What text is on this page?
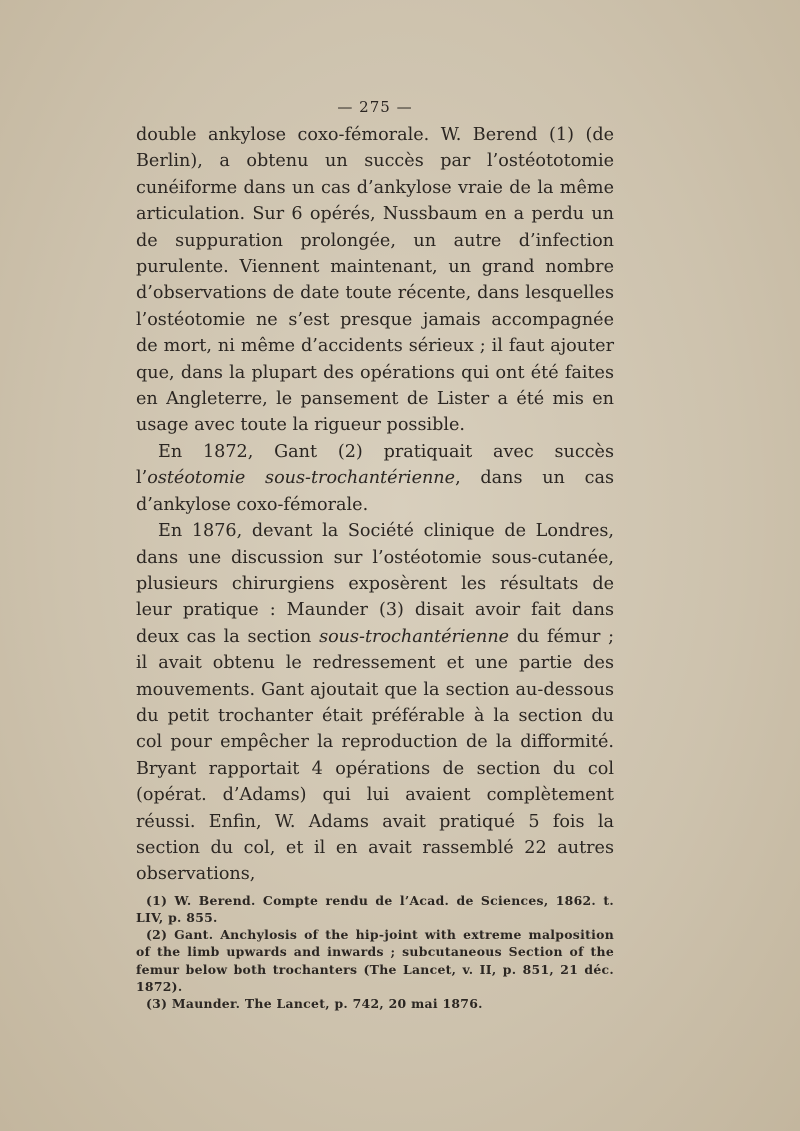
— 275 —

double ankylose coxo-fémorale. W. Berend (1) (de Berlin), a obtenu un succès par l’ostéototomie cunéiforme dans un cas d’ankylose vraie de la même articulation. Sur 6 opérés, Nussbaum en a perdu un de suppuration prolongée, un autre d’infection purulente. Viennent maintenant, un grand nombre d’observations de date toute récente, dans lesquelles l’ostéotomie ne s’est presque jamais accompagnée de mort, ni même d’accidents sérieux ; il faut ajouter que, dans la plupart des opérations qui ont été faites en Angleterre, le pansement de Lister a été mis en usage avec toute la rigueur possible.

En 1872, Gant (2) pratiquait avec succès l’ostéotomie sous-trochantérienne, dans un cas d’ankylose coxo-fémorale.

En 1876, devant la Société clinique de Londres, dans une discussion sur l’ostéotomie sous-cutanée, plusieurs chirurgiens exposèrent les résultats de leur pratique : Maunder (3) disait avoir fait dans deux cas la section sous-trochantérienne du fémur ; il avait obtenu le redressement et une partie des mouvements. Gant ajoutait que la section au-dessous du petit trochanter était préférable à la section du col pour empêcher la reproduction de la difformité. Bryant rapportait 4 opérations de section du col (opérat. d’Adams) qui lui avaient complètement réussi. Enfin, W. Adams avait pratiqué 5 fois la section du col, et il en avait rassemblé 22 autres observations,

(1) W. Berend. Compte rendu de l’Acad. de Sciences, 1862. t. LIV, p. 855.

(2) Gant. Anchylosis of the hip-joint with extreme malposition of the limb upwards and inwards ; subcutaneous Section of the femur below both trochanters (The Lancet, v. II, p. 851, 21 déc. 1872).

(3) Maunder. The Lancet, p. 742, 20 mai 1876.
